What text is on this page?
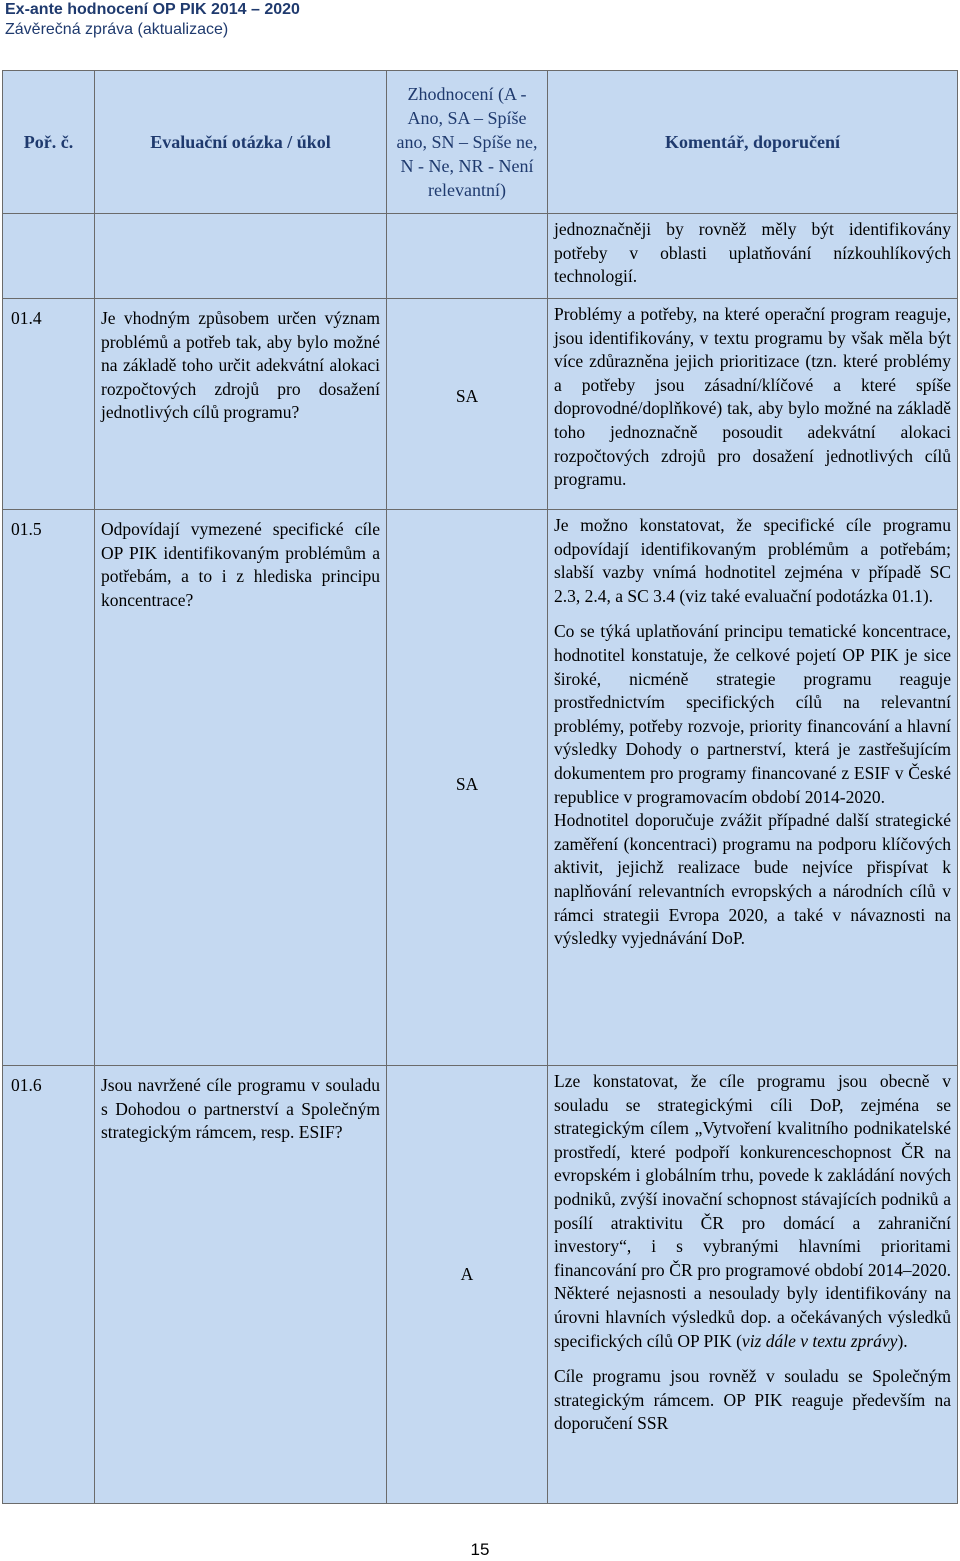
Ex-ante hodnocení OP PIK 2014 – 2020
Závěrečná zpráva (aktualizace)
Poř. č.	Evaluační otázka / úkol	Zhodnocení (A - Ano, SA – Spíše ano, SN – Spíše ne, N - Ne, NR - Není relevantní)	Komentář, doporučení

			jednoznačněji by rovněž měly být identifikovány potřeby v oblasti uplatňování nízkouhlíkových technologií.

01.4	Je vhodným způsobem určen význam problémů a potřeb tak, aby bylo možné na základě toho určit adekvátní alokaci rozpočtových zdrojů pro dosažení jednotlivých cílů programu?	SA	Problémy a potřeby, na které operační program reaguje, jsou identifikovány, v textu programu by však měla být více zdůrazněna jejich prioritizace (tzn. které problémy a potřeby jsou zásadní/klíčové a které spíše doprovodné/doplňkové) tak, aby bylo možné na základě toho jednoznačně posoudit adekvátní alokaci rozpočtových zdrojů pro dosažení jednotlivých cílů programu.

01.5	Odpovídají vymezené specifické cíle OP PIK identifikovaným problémům a potřebám, a to i z hlediska principu koncentrace?	SA	Je možno konstatovat, že specifické cíle programu odpovídají identifikovaným problémům a potřebám; slabší vazby vnímá hodnotitel zejména v případě SC 2.3, 2.4, a SC 3.4 (viz také evaluační podotázka 01.1).
Co se týká uplatňování principu tematické koncentrace, hodnotitel konstatuje, že celkové pojetí OP PIK je sice široké, nicméně strategie programu reaguje prostřednictvím specifických cílů na relevantní problémy, potřeby rozvoje, priority financování a hlavní výsledky Dohody o partnerství, která je zastřešujícím dokumentem pro programy financované z ESIF v České republice v programovacím období 2014-2020.
Hodnotitel doporučuje zvážit případné další strategické zaměření (koncentraci) programu na podporu klíčových aktivit, jejichž realizace bude nejvíce přispívat k naplňování relevantních evropských a národních cílů v rámci strategii Evropa 2020, a také v návaznosti na výsledky vyjednávání DoP.

01.6	Jsou navržené cíle programu v souladu s Dohodou o partnerství a Společným strategickým rámcem, resp. ESIF?	A	Lze konstatovat, že cíle programu jsou obecně v souladu se strategickými cíli DoP, zejména se strategickým cílem „Vytvoření kvalitního podnikatelské prostředí, které podpoří konkurenceschopnost ČR na evropském i globálním trhu, povede k zakládání nových podniků, zvýší inovační schopnost stávajících podniků a posílí atraktivitu ČR pro domácí a zahraniční investory“, i s vybranými hlavními prioritami financování pro ČR pro programové období 2014–2020. Některé nejasnosti a nesoulady byly identifikovány na úrovni hlavních výsledků dop. a očekávaných výsledků specifických cílů OP PIK (viz dále v textu zprávy).
Cíle programu jsou rovněž v souladu se Společným strategickým rámcem. OP PIK reaguje především na doporučení SSR
15
